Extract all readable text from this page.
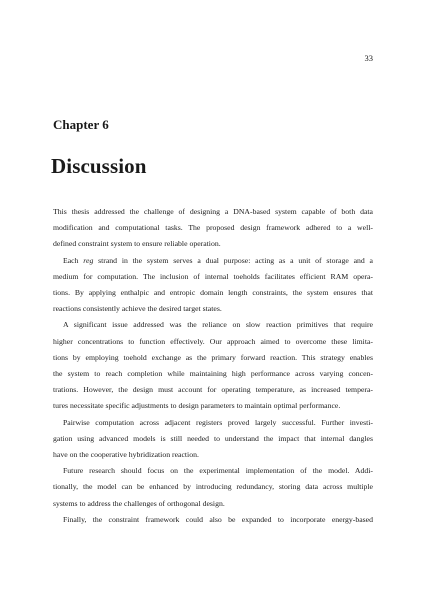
33
Chapter 6
Discussion
This thesis addressed the challenge of designing a DNA-based system capable of both data
modification and computational tasks. The proposed design framework adhered to a well-
defined constraint system to ensure reliable operation.
Each reg strand in the system serves a dual purpose: acting as a unit of storage and a
medium for computation. The inclusion of internal toeholds facilitates efficient RAM opera-
tions. By applying enthalpic and entropic domain length constraints, the system ensures that
reactions consistently achieve the desired target states.
A significant issue addressed was the reliance on slow reaction primitives that require
higher concentrations to function effectively. Our approach aimed to overcome these limita-
tions by employing toehold exchange as the primary forward reaction. This strategy enables
the system to reach completion while maintaining high performance across varying concen-
trations. However, the design must account for operating temperature, as increased tempera-
tures necessitate specific adjustments to design parameters to maintain optimal performance.
Pairwise computation across adjacent registers proved largely successful. Further investi-
gation using advanced models is still needed to understand the impact that internal dangles
have on the cooperative hybridization reaction.
Future research should focus on the experimental implementation of the model. Addi-
tionally, the model can be enhanced by introducing redundancy, storing data across multiple
systems to address the challenges of orthogonal design.
Finally, the constraint framework could also be expanded to incorporate energy-based
